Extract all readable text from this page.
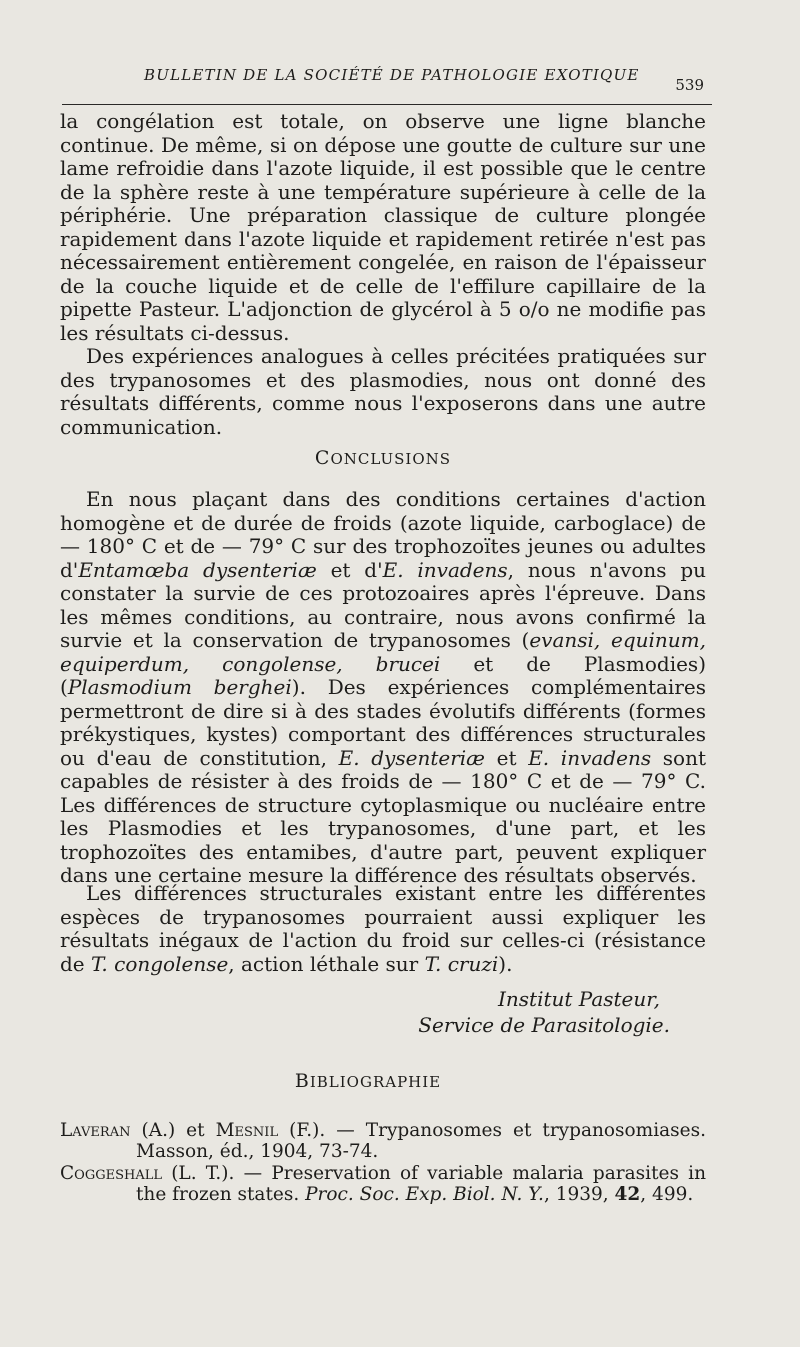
BULLETIN DE LA SOCIÉTÉ DE PATHOLOGIE EXOTIQUE
539

la congélation est totale, on observe une ligne blanche continue. De même, si on dépose une goutte de culture sur une lame refroidie dans l'azote liquide, il est possible que le centre de la sphère reste à une température supérieure à celle de la périphérie. Une préparation classique de culture plongée rapidement dans l'azote liquide et rapidement retirée n'est pas nécessairement entièrement congelée, en raison de l'épaisseur de la couche liquide et de celle de l'effilure capillaire de la pipette Pasteur. L'adjonction de glycérol à 5 o/o ne modifie pas les résultats ci-dessus.

Des expériences analogues à celles précitées pratiquées sur des trypanosomes et des plasmodies, nous ont donné des résultats différents, comme nous l'exposerons dans une autre communication.

CONCLUSIONS

En nous plaçant dans des conditions certaines d'action homogène et de durée de froids (azote liquide, carboglace) de — 180° C et de — 79° C sur des trophozoïtes jeunes ou adultes d'Entamœba dysenteriæ et d'E. invadens, nous n'avons pu constater la survie de ces protozoaires après l'épreuve. Dans les mêmes conditions, au contraire, nous avons confirmé la survie et la conservation de trypanosomes (evansi, equinum, equiperdum, congolense, brucei et de Plasmodies) (Plasmodium berghei). Des expériences complémentaires permettront de dire si à des stades évolutifs différents (formes prékystiques, kystes) comportant des différences structurales ou d'eau de constitution, E. dysenteriæ et E. invadens sont capables de résister à des froids de — 180° C et de — 79° C. Les différences de structure cytoplasmique ou nucléaire entre les Plasmodies et les trypanosomes, d'une part, et les trophozoïtes des entamibes, d'autre part, peuvent expliquer dans une certaine mesure la différence des résultats observés.

Les différences structurales existant entre les différentes espèces de trypanosomes pourraient aussi expliquer les résultats inégaux de l'action du froid sur celles-ci (résistance de T. congolense, action léthale sur T. cruzi).

Institut Pasteur,
Service de Parasitologie.
BIBLIOGRAPHIE
Laveran (A.) et Mesnil (F.). — Trypanosomes et trypanosomiases. Masson, éd., 1904, 73-74.
Coggeshall (L. T.). — Preservation of variable malaria parasites in the frozen states. Proc. Soc. Exp. Biol. N. Y., 1939, 42, 499.
